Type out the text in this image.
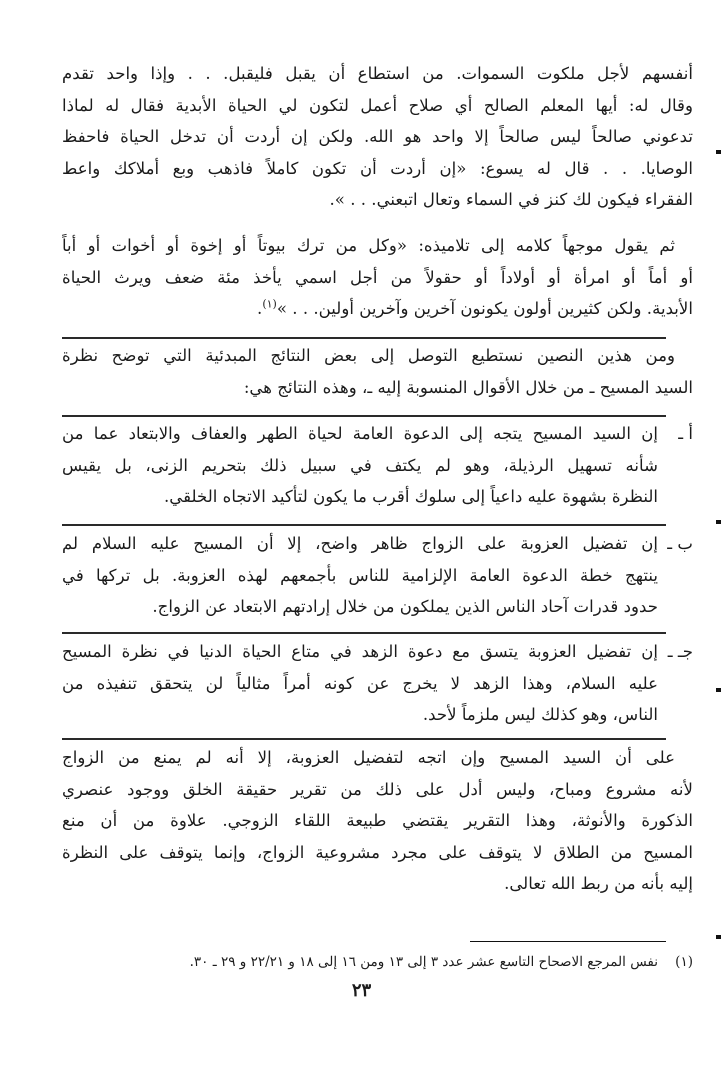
أنفسهم لأجل ملكوت السموات. من استطاع أن يقبل فليقبل. . . وإذا واحد تقدم
وقال له: أيها المعلم الصالح أي صلاح أعمل لتكون لي الحياة الأبدية فقال له لماذا
تدعوني صالحاً ليس صالحاً إلا واحد هو الله. ولكن إن أردت أن تدخل الحياة فاحفظ
الوصايا. . . قال له يسوع: «إن أردت أن تكون كاملاً فاذهب وبع أملاكك واعط
الفقراء فيكون لك كنز في السماء وتعال اتبعني. . . ».
ثم يقول موجهاً كلامه إلى تلاميذه: «وكل من ترك بيوتاً أو إخوة أو أخوات أو أباً
أو أماً أو امرأة أو أولاداً أو حقولاً من أجل اسمي يأخذ مئة ضعف ويرث الحياة
الأبدية. ولكن كثيرين أولون يكونون آخرين وآخرين أولين. . . »$^{(١)}$.
ومن هذين النصين نستطيع التوصل إلى بعض النتائج المبدئية التي توضح نظرة
السيد المسيح ـ من خلال الأقوال المنسوبة إليه ـ، وهذه النتائج هي:
أ ـ
إن السيد المسيح يتجه إلى الدعوة العامة لحياة الطهر والعفاف والابتعاد عما من
شأنه تسهيل الرذيلة، وهو لم يكتف في سبيل ذلك بتحريم الزنى، بل يقيس
النظرة بشهوة عليه داعياً إلى سلوك أقرب ما يكون لتأكيد الاتجاه الخلقي.
ب ـ
إن تفضيل العزوبة على الزواج ظاهر واضح، إلا أن المسيح عليه السلام لم
ينتهج خطة الدعوة العامة الإلزامية للناس بأجمعهم لهذه العزوبة. بل تركها في
حدود قدرات آحاد الناس الذين يملكون من خلال إرادتهم الابتعاد عن الزواج.
جـ ـ
إن تفضيل العزوبة يتسق مع دعوة الزهد في متاع الحياة الدنيا في نظرة المسيح
عليه السلام، وهذا الزهد لا يخرج عن كونه أمراً مثالياً لن يتحقق تنفيذه من
الناس، وهو كذلك ليس ملزماً لأحد.
على أن السيد المسيح وإن اتجه لتفضيل العزوبة، إلا أنه لم يمنع من الزواج
لأنه مشروع ومباح، وليس أدل على ذلك من تقرير حقيقة الخلق ووجود عنصري
الذكورة والأنوثة، وهذا التقرير يقتضي طبيعة اللقاء الزوجي. علاوة من أن منع
المسيح من الطلاق لا يتوقف على مجرد مشروعية الزواج، وإنما يتوقف على النظرة
إليه بأنه من ربط الله تعالى.
(١)    نفس المرجع الاصحاح التاسع عشر عدد ٣ إلى ١٣ ومن ١٦ إلى ١٨ و ٢٢/٢١ و ٢٩ ـ ٣٠.
٢٣
